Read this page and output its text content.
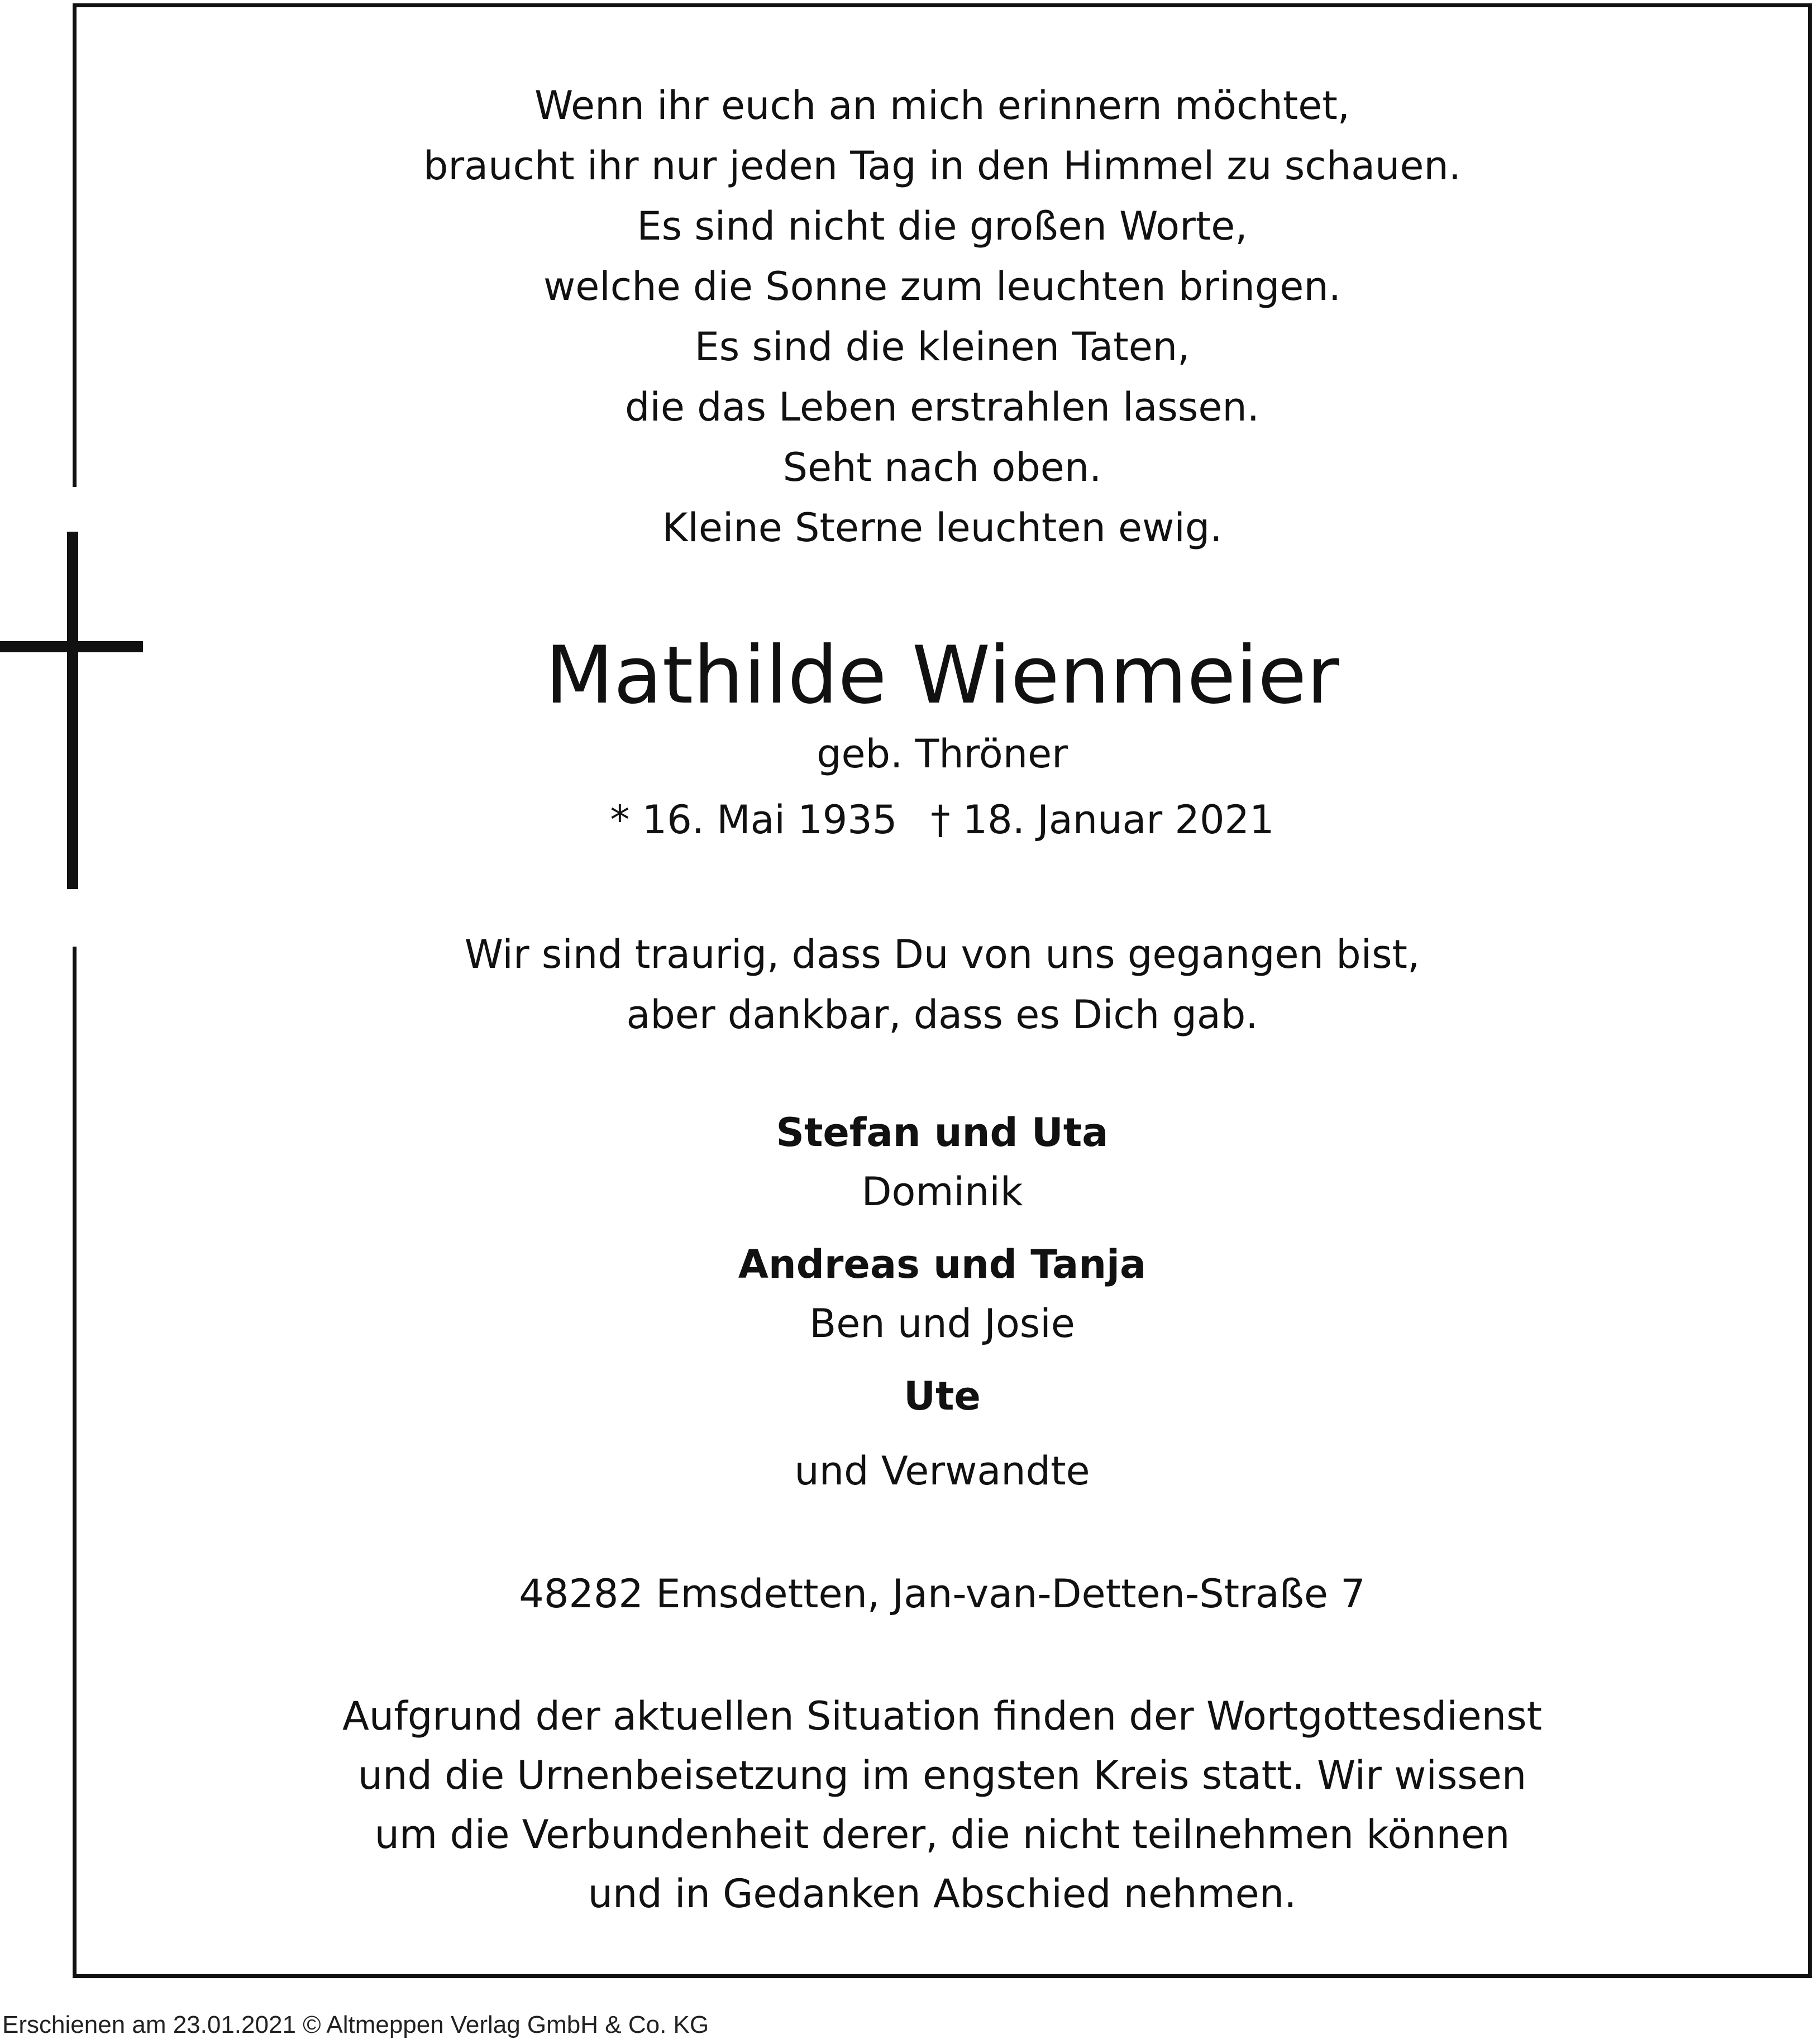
Wenn ihr euch an mich erinnern möchtet,
braucht ihr nur jeden Tag in den Himmel zu schauen.
Es sind nicht die großen Worte,
welche die Sonne zum leuchten bringen.
Es sind die kleinen Taten,
die das Leben erstrahlen lassen.
Seht nach oben.
Kleine Sterne leuchten ewig.
Mathilde Wienmeier
geb. Thröner
* 16. Mai 1935 † 18. Januar 2021
Wir sind traurig, dass Du von uns gegangen bist,
aber dankbar, dass es Dich gab.
Stefan und Uta
Dominik
Andreas und Tanja
Ben und Josie
Ute
und Verwandte
48282 Emsdetten, Jan-van-Detten-Straße 7
Aufgrund der aktuellen Situation finden der Wortgottesdienst
und die Urnenbeisetzung im engsten Kreis statt. Wir wissen
um die Verbundenheit derer, die nicht teilnehmen können
und in Gedanken Abschied nehmen.
Erschienen am 23.01.2021 © Altmeppen Verlag GmbH & Co. KG
